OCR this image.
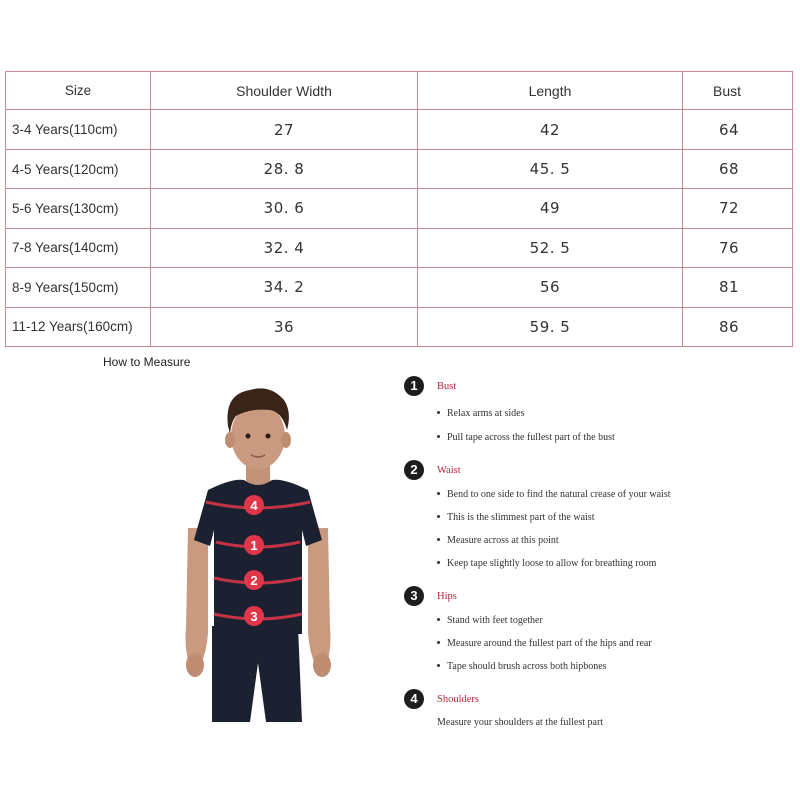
Size	Shoulder Width	Length	Bust
3-4 Years(110cm)	27	42	64
4-5 Years(120cm)	28. 8	45. 5	68
5-6 Years(130cm)	30. 6	49	72
7-8 Years(140cm)	32. 4	52. 5	76
8-9 Years(150cm)	34. 2	56	81
11-12 Years(160cm)	36	59. 5	86
How to Measure
4
1
2
3
1	Bust
Relax arms at sides
Pull tape across the fullest part of the bust
2	Waist
Bend to one side to find the natural crease of your waist
This is the slimmest part of the waist
Measure across at this point
Keep tape slightly loose to allow for breathing room
3	Hips
Stand with feet together
Measure around the fullest part of the hips and rear
Tape should brush across both hipbones
4	Shoulders
Measure your shoulders at the fullest part
